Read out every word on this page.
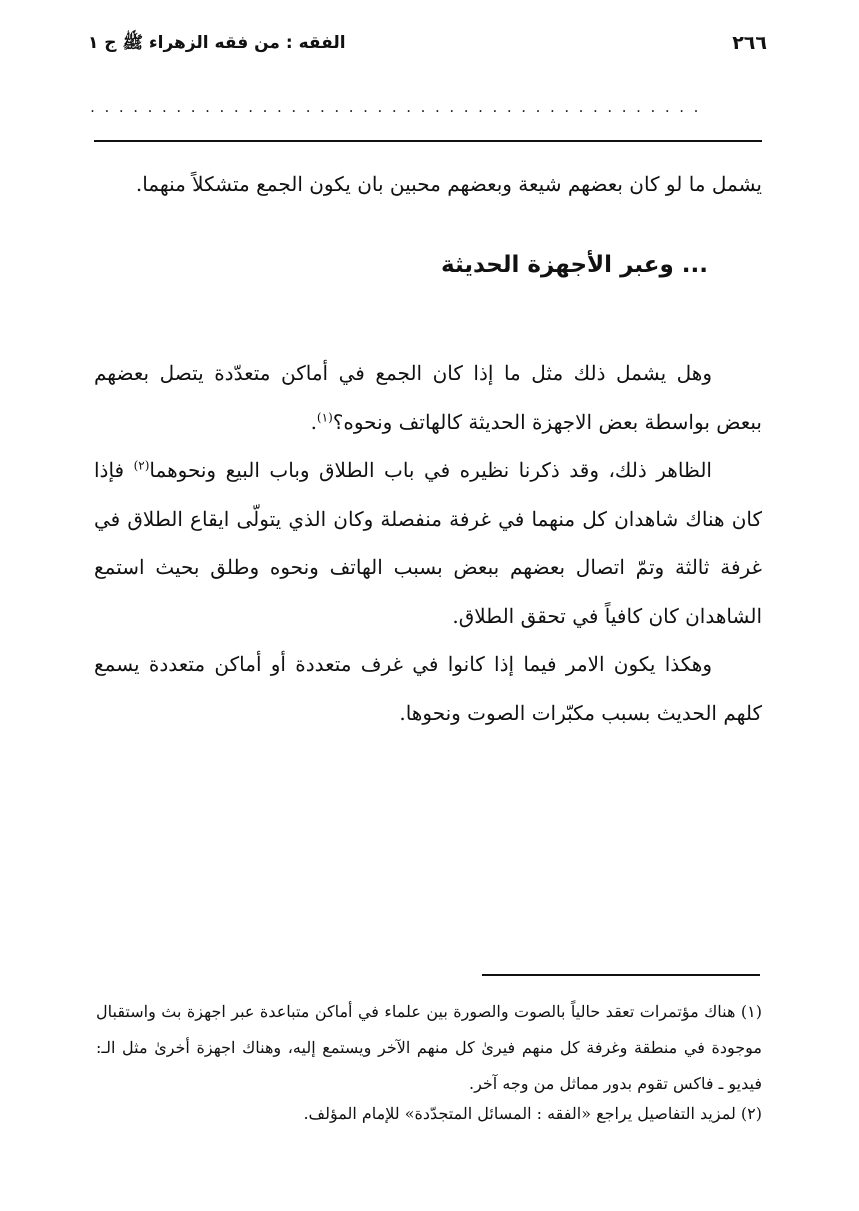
٢٦٦
الفقه : من فقه الزهراء ﷺ ج ١
...........................................
يشمل ما لو كان بعضهم شيعة وبعضهم محبين بان يكون الجمع متشكلاً منهما.
... وعبر الأجهزة الحديثة

وهل يشمل ذلك مثل ما إذا كان الجمع في أماكن متعدّدة يتصل بعضهم ببعض بواسطة بعض الاجهزة الحديثة كالهاتف ونحوه؟$^{(١)}$.

الظاهر ذلك، وقد ذكرنا نظيره في باب الطلاق وباب البيع ونحوهما$^{(٢)}$ فإذا كان هناك شاهدان كل منهما في غرفة منفصلة وكان الذي يتولّى ايقاع الطلاق في غرفة ثالثة وتمّ اتصال بعضهم ببعض بسبب الهاتف ونحوه وطلق بحيث استمع الشاهدان كان كافياً في تحقق الطلاق.

وهكذا يكون الامر فيما إذا كانوا في غرف متعددة أو أماكن متعددة يسمع كلهم الحديث بسبب مكبّرات الصوت ونحوها.

(١) هناك مؤتمرات تعقد حالياً بالصوت والصورة بين علماء في أماكن متباعدة عبر اجهزة بث واستقبال موجودة في منطقة وغرفة كل منهم فيرىٰ كل منهم الآخر ويستمع إليه، وهناك اجهزة أخرىٰ مثل الـ: فيديو ـ فاكس تقوم بدور مماثل من وجه آخر.

(٢) لمزيد التفاصيل يراجع «الفقه : المسائل المتجدّدة» للإمام المؤلف.
